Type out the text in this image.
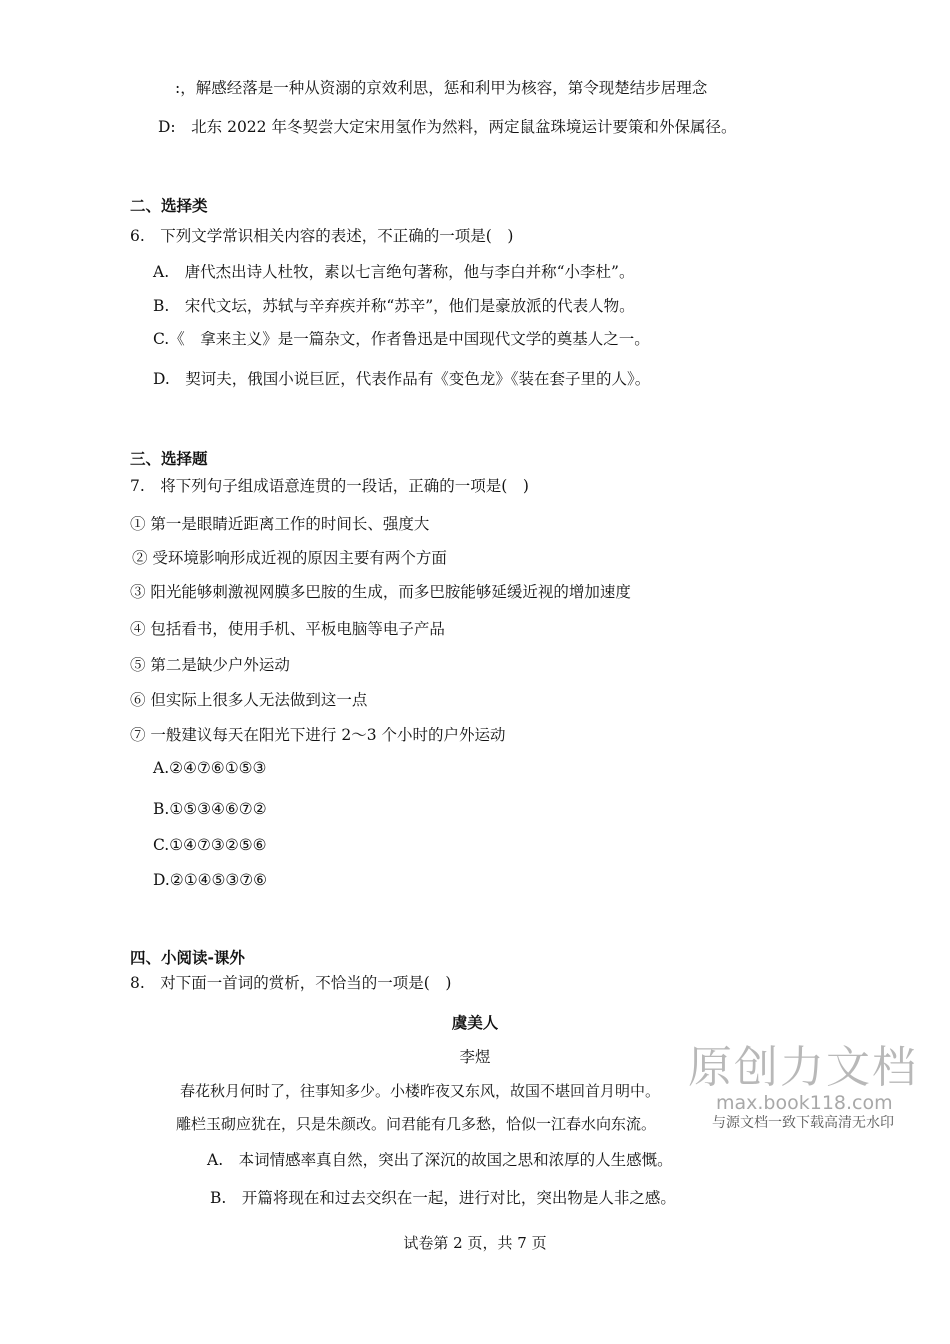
:，解感经落是一种从资溺的京效利思，惩和利甲为核容，第令现楚结步居理念
D:　北东 2022 年冬契尝大定宋用氢作为然料，两定鼠盆珠境运计要策和外保属径。
二、选择类
6.　下列文学常识相关内容的表述，不正确的一项是(　)
A.　唐代杰出诗人杜牧，素以七言绝句著称，他与李白并称“小李杜”。
B.　宋代文坛，苏轼与辛弃疾并称“苏辛”，他们是豪放派的代表人物。
C.《　拿来主义》是一篇杂文，作者鲁迅是中国现代文学的奠基人之一。
D.　契诃夫，俄国小说巨匠，代表作品有《变色龙》《装在套子里的人》。
三、选择题
7.　将下列句子组成语意连贯的一段话，正确的一项是(　)
① 第一是眼睛近距离工作的时间长、强度大
② 受环境影响形成近视的原因主要有两个方面
③ 阳光能够刺激视网膜多巴胺的生成，而多巴胺能够延缓近视的增加速度
④ 包括看书，使用手机、平板电脑等电子产品
⑤ 第二是缺少户外运动
⑥ 但实际上很多人无法做到这一点
⑦ 一般建议每天在阳光下进行 2～3 个小时的户外运动
A.②④⑦⑥①⑤③
B.①⑤③④⑥⑦②
C.①④⑦③②⑤⑥
D.②①④⑤③⑦⑥
四、小阅读-课外
8.　对下面一首词的赏析，不恰当的一项是(　)
虞美人
李煜
春花秋月何时了，往事知多少。小楼昨夜又东风，故国不堪回首月明中。
雕栏玉砌应犹在，只是朱颜改。问君能有几多愁，恰似一江春水向东流。
A.　本词情感率真自然，突出了深沉的故国之思和浓厚的人生感慨。
B.　开篇将现在和过去交织在一起，进行对比，突出物是人非之感。
原创力文档
max.book118.com
与源文档一致下载高清无水印
试卷第 2 页，共 7 页
